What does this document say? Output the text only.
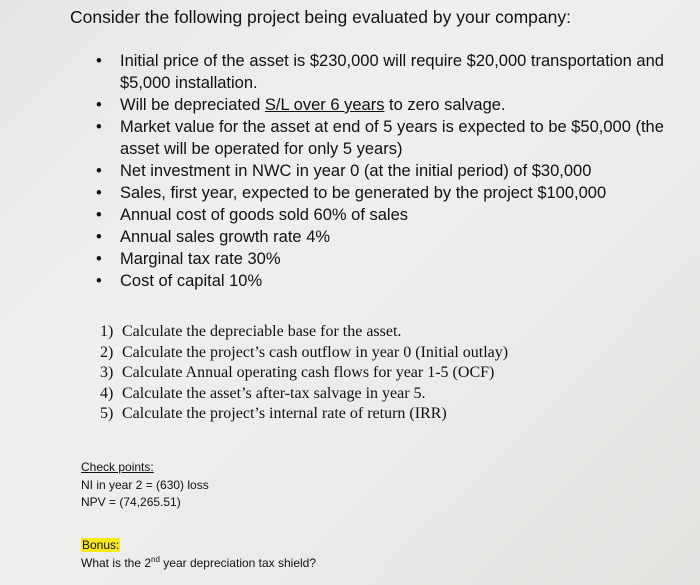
Consider the following project being evaluated by your company:
• Initial price of the asset is $230,000 will require $20,000 transportation and
$5,000 installation.
• Will be depreciated S/L over 6 years to zero salvage.
• Market value for the asset at end of 5 years is expected to be $50,000 (the
asset will be operated for only 5 years)
• Net investment in NWC in year 0 (at the initial period) of $30,000
• Sales, first year, expected to be generated by the project $100,000
• Annual cost of goods sold 60% of sales
• Annual sales growth rate 4%
• Marginal tax rate 30%
• Cost of capital 10%
1) Calculate the depreciable base for the asset.
2) Calculate the project’s cash outflow in year 0 (Initial outlay)
3) Calculate Annual operating cash flows for year 1-5 (OCF)
4) Calculate the asset’s after-tax salvage in year 5.
5) Calculate the project’s internal rate of return (IRR)
Check points:
NI in year 2 = (630) loss
NPV = (74,265.51)
Bonus:
What is the 2nd year depreciation tax shield?
